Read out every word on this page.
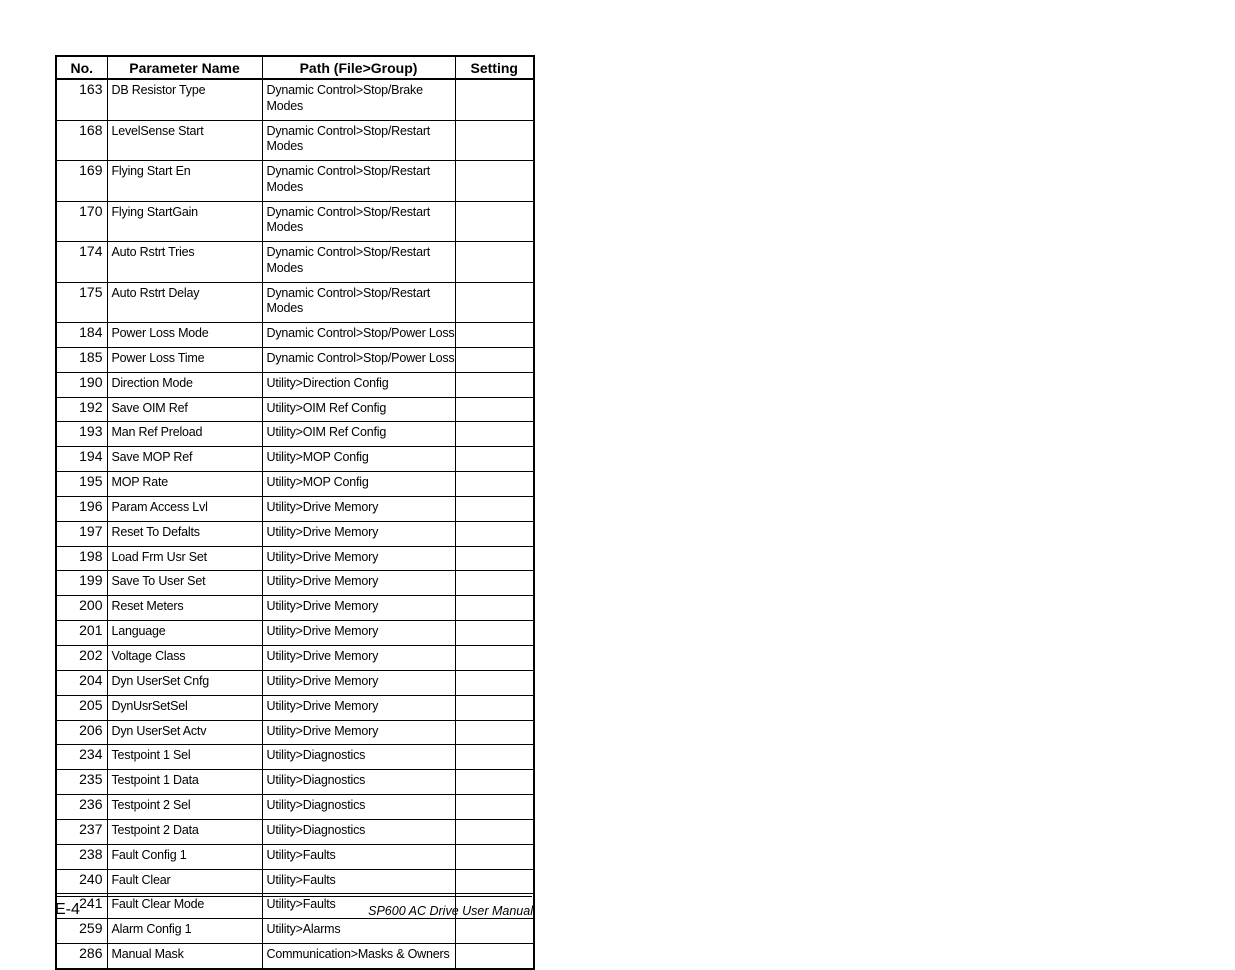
No.	Parameter Name	Path (File>Group)	Setting
163	DB Resistor Type	Dynamic Control>Stop/Brake Modes	
168	LevelSense Start	Dynamic Control>Stop/Restart Modes	
169	Flying Start En	Dynamic Control>Stop/Restart Modes	
170	Flying StartGain	Dynamic Control>Stop/Restart Modes	
174	Auto Rstrt Tries	Dynamic Control>Stop/Restart Modes	
175	Auto Rstrt Delay	Dynamic Control>Stop/Restart Modes	
184	Power Loss Mode	Dynamic Control>Stop/Power Loss	
185	Power Loss Time	Dynamic Control>Stop/Power Loss	
190	Direction Mode	Utility>Direction Config	
192	Save OIM Ref	Utility>OIM Ref Config	
193	Man Ref Preload	Utility>OIM Ref Config	
194	Save MOP Ref	Utility>MOP Config	
195	MOP Rate	Utility>MOP Config	
196	Param Access Lvl	Utility>Drive Memory	
197	Reset To Defalts	Utility>Drive Memory	
198	Load Frm Usr Set	Utility>Drive Memory	
199	Save To User Set	Utility>Drive Memory	
200	Reset Meters	Utility>Drive Memory	
201	Language	Utility>Drive Memory	
202	Voltage Class	Utility>Drive Memory	
204	Dyn UserSet Cnfg	Utility>Drive Memory	
205	DynUsrSetSel	Utility>Drive Memory	
206	Dyn UserSet Actv	Utility>Drive Memory	
234	Testpoint 1 Sel	Utility>Diagnostics	
235	Testpoint 1 Data	Utility>Diagnostics	
236	Testpoint 2 Sel	Utility>Diagnostics	
237	Testpoint 2 Data	Utility>Diagnostics	
238	Fault Config 1	Utility>Faults	
240	Fault Clear	Utility>Faults	
241	Fault Clear Mode	Utility>Faults	
259	Alarm Config 1	Utility>Alarms	
286	Manual Mask	Communication>Masks & Owners	
E-4	SP600 AC Drive User Manual
